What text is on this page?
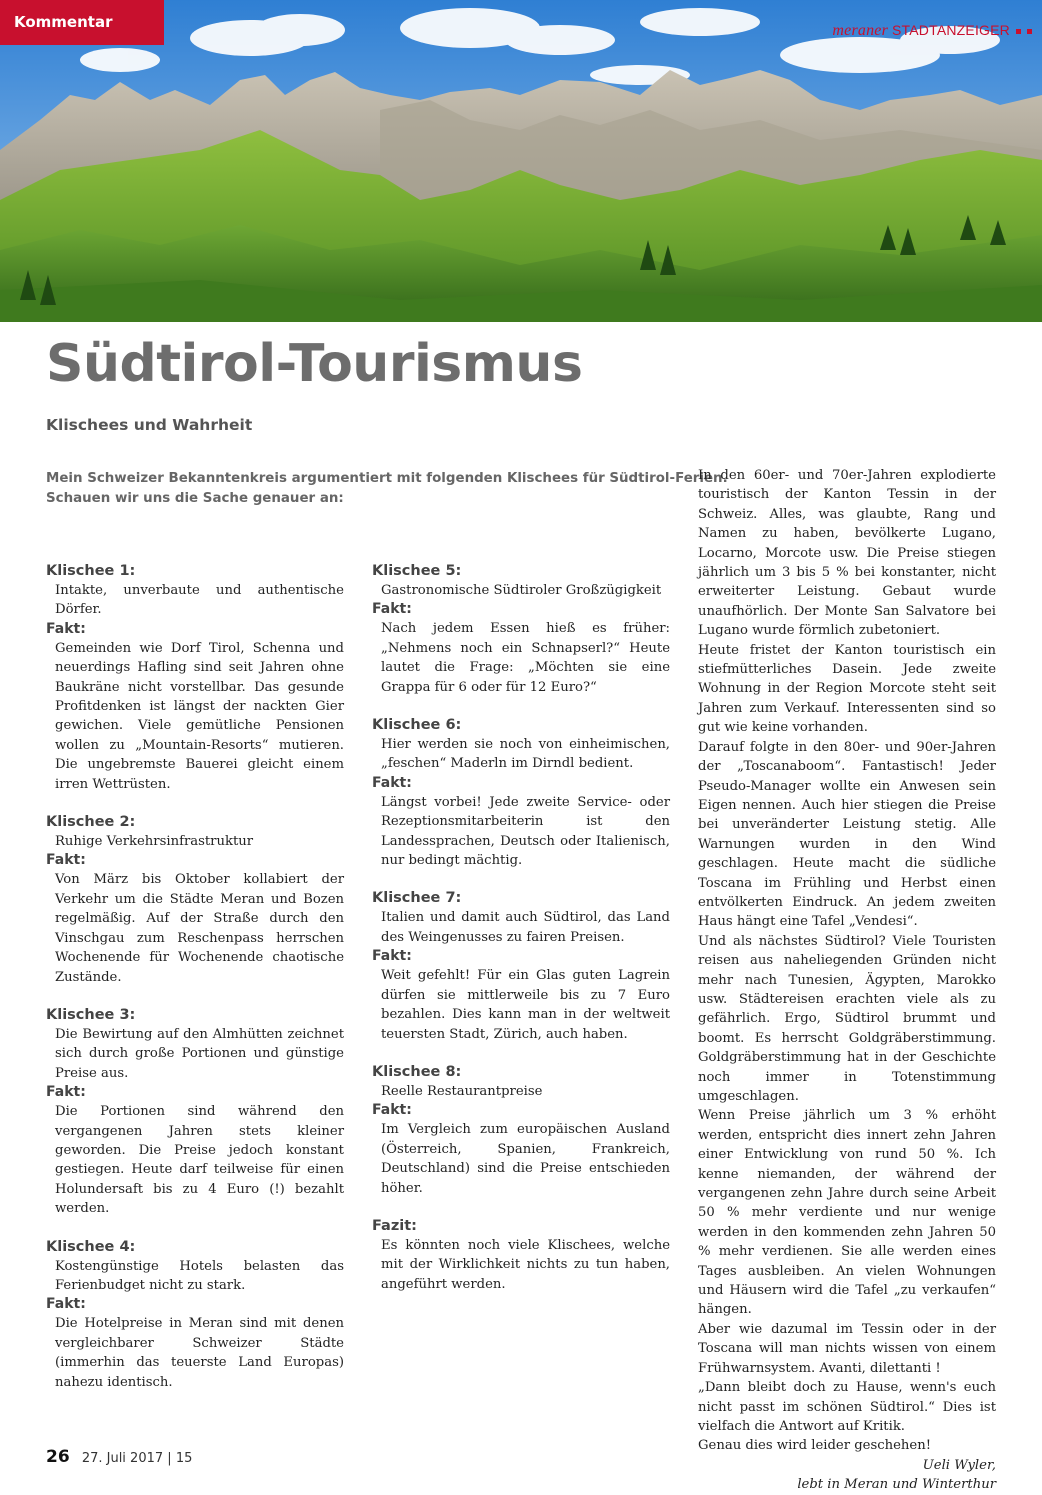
Kommentar	meraner STADTANZEIGER
Südtirol-Tourismus
Klischees und Wahrheit
Mein Schweizer Bekanntenkreis argumentiert mit folgenden Klischees für Südtirol-Ferien.
Schauen wir uns die Sache genauer an:
Klischee 1:
Intakte, unverbaute und authentische Dörfer.
Fakt:
Gemeinden wie Dorf Tirol, Schenna und neuerdings Hafling sind seit Jahren ohne Baukräne nicht vorstellbar. Das gesunde Profitdenken ist längst der nackten Gier gewichen. Viele gemütliche Pensionen wollen zu „Mountain-Resorts“ mutieren. Die ungebremste Bauerei gleicht einem irren Wettrüsten.
Klischee 2:
Ruhige Verkehrsinfrastruktur
Fakt:
Von März bis Oktober kollabiert der Verkehr um die Städte Meran und Bozen regelmäßig. Auf der Straße durch den Vinschgau zum Reschenpass herrschen Wochenende für Wochenende chaotische Zustände.
Klischee 3:
Die Bewirtung auf den Almhütten zeichnet sich durch große Portionen und günstige Preise aus.
Fakt:
Die Portionen sind während den vergangenen Jahren stets kleiner geworden. Die Preise jedoch konstant gestiegen. Heute darf teilweise für einen Holundersaft bis zu 4 Euro (!) bezahlt werden.
Klischee 4:
Kostengünstige Hotels belasten das Ferienbudget nicht zu stark.
Fakt:
Die Hotelpreise in Meran sind mit denen vergleichbarer Schweizer Städte (immerhin das teuerste Land Europas) nahezu identisch.
Klischee 5:
Gastronomische Südtiroler Großzügigkeit
Fakt:
Nach jedem Essen hieß es früher: „Nehmens noch ein Schnapserl?“ Heute lautet die Frage: „Möchten sie eine Grappa für 6 oder für 12 Euro?“
Klischee 6:
Hier werden sie noch von einheimischen, „feschen“ Maderln im Dirndl bedient.
Fakt:
Längst vorbei! Jede zweite Service- oder Rezeptionsmitarbeiterin ist den Landessprachen, Deutsch oder Italienisch, nur bedingt mächtig.
Klischee 7:
Italien und damit auch Südtirol, das Land des Weingenusses zu fairen Preisen.
Fakt:
Weit gefehlt! Für ein Glas guten Lagrein dürfen sie mittlerweile bis zu 7 Euro bezahlen. Dies kann man in der weltweit teuersten Stadt, Zürich, auch haben.
Klischee 8:
Reelle Restaurantpreise
Fakt:
Im Vergleich zum europäischen Ausland (Österreich, Spanien, Frankreich, Deutschland) sind die Preise entschieden höher.
Fazit:
Es könnten noch viele Klischees, welche mit der Wirklichkeit nichts zu tun haben, angeführt werden.
In den 60er- und 70er-Jahren explodierte touristisch der Kanton Tessin in der Schweiz. Alles, was glaubte, Rang und Namen zu haben, bevölkerte Lugano, Locarno, Morcote usw. Die Preise stiegen jährlich um 3 bis 5 % bei konstanter, nicht erweiterter Leistung. Gebaut wurde unaufhörlich. Der Monte San Salvatore bei Lugano wurde förmlich zubetoniert.
Heute fristet der Kanton touristisch ein stiefmütterliches Dasein. Jede zweite Wohnung in der Region Morcote steht seit Jahren zum Verkauf. Interessenten sind so gut wie keine vorhanden.
Darauf folgte in den 80er- und 90er-Jahren der „Toscanaboom“. Fantastisch! Jeder Pseudo-Manager wollte ein Anwesen sein Eigen nennen. Auch hier stiegen die Preise bei unveränderter Leistung stetig. Alle Warnungen wurden in den Wind geschlagen. Heute macht die südliche Toscana im Frühling und Herbst einen entvölkerten Eindruck. An jedem zweiten Haus hängt eine Tafel „Vendesi“.
Und als nächstes Südtirol? Viele Touristen reisen aus naheliegenden Gründen nicht mehr nach Tunesien, Ägypten, Marokko usw. Städtereisen erachten viele als zu gefährlich. Ergo, Südtirol brummt und boomt. Es herrscht Goldgräberstimmung. Goldgräberstimmung hat in der Geschichte noch immer in Totenstimmung umgeschlagen.
Wenn Preise jährlich um 3 % erhöht werden, entspricht dies innert zehn Jahren einer Entwicklung von rund 50 %. Ich kenne niemanden, der während der vergangenen zehn Jahre durch seine Arbeit 50 % mehr verdiente und nur wenige werden in den kommenden zehn Jahren 50 % mehr verdienen. Sie alle werden eines Tages ausbleiben. An vielen Wohnungen und Häusern wird die Tafel „zu verkaufen“ hängen.
Aber wie dazumal im Tessin oder in der Toscana will man nichts wissen von einem Frühwarnsystem. Avanti, dilettanti !
„Dann bleibt doch zu Hause, wenn's euch nicht passt im schönen Südtirol.“ Dies ist vielfach die Antwort auf Kritik.
Genau dies wird leider geschehen!
Ueli Wyler,
lebt in Meran und Winterthur
26 27. Juli 2017 | 15
